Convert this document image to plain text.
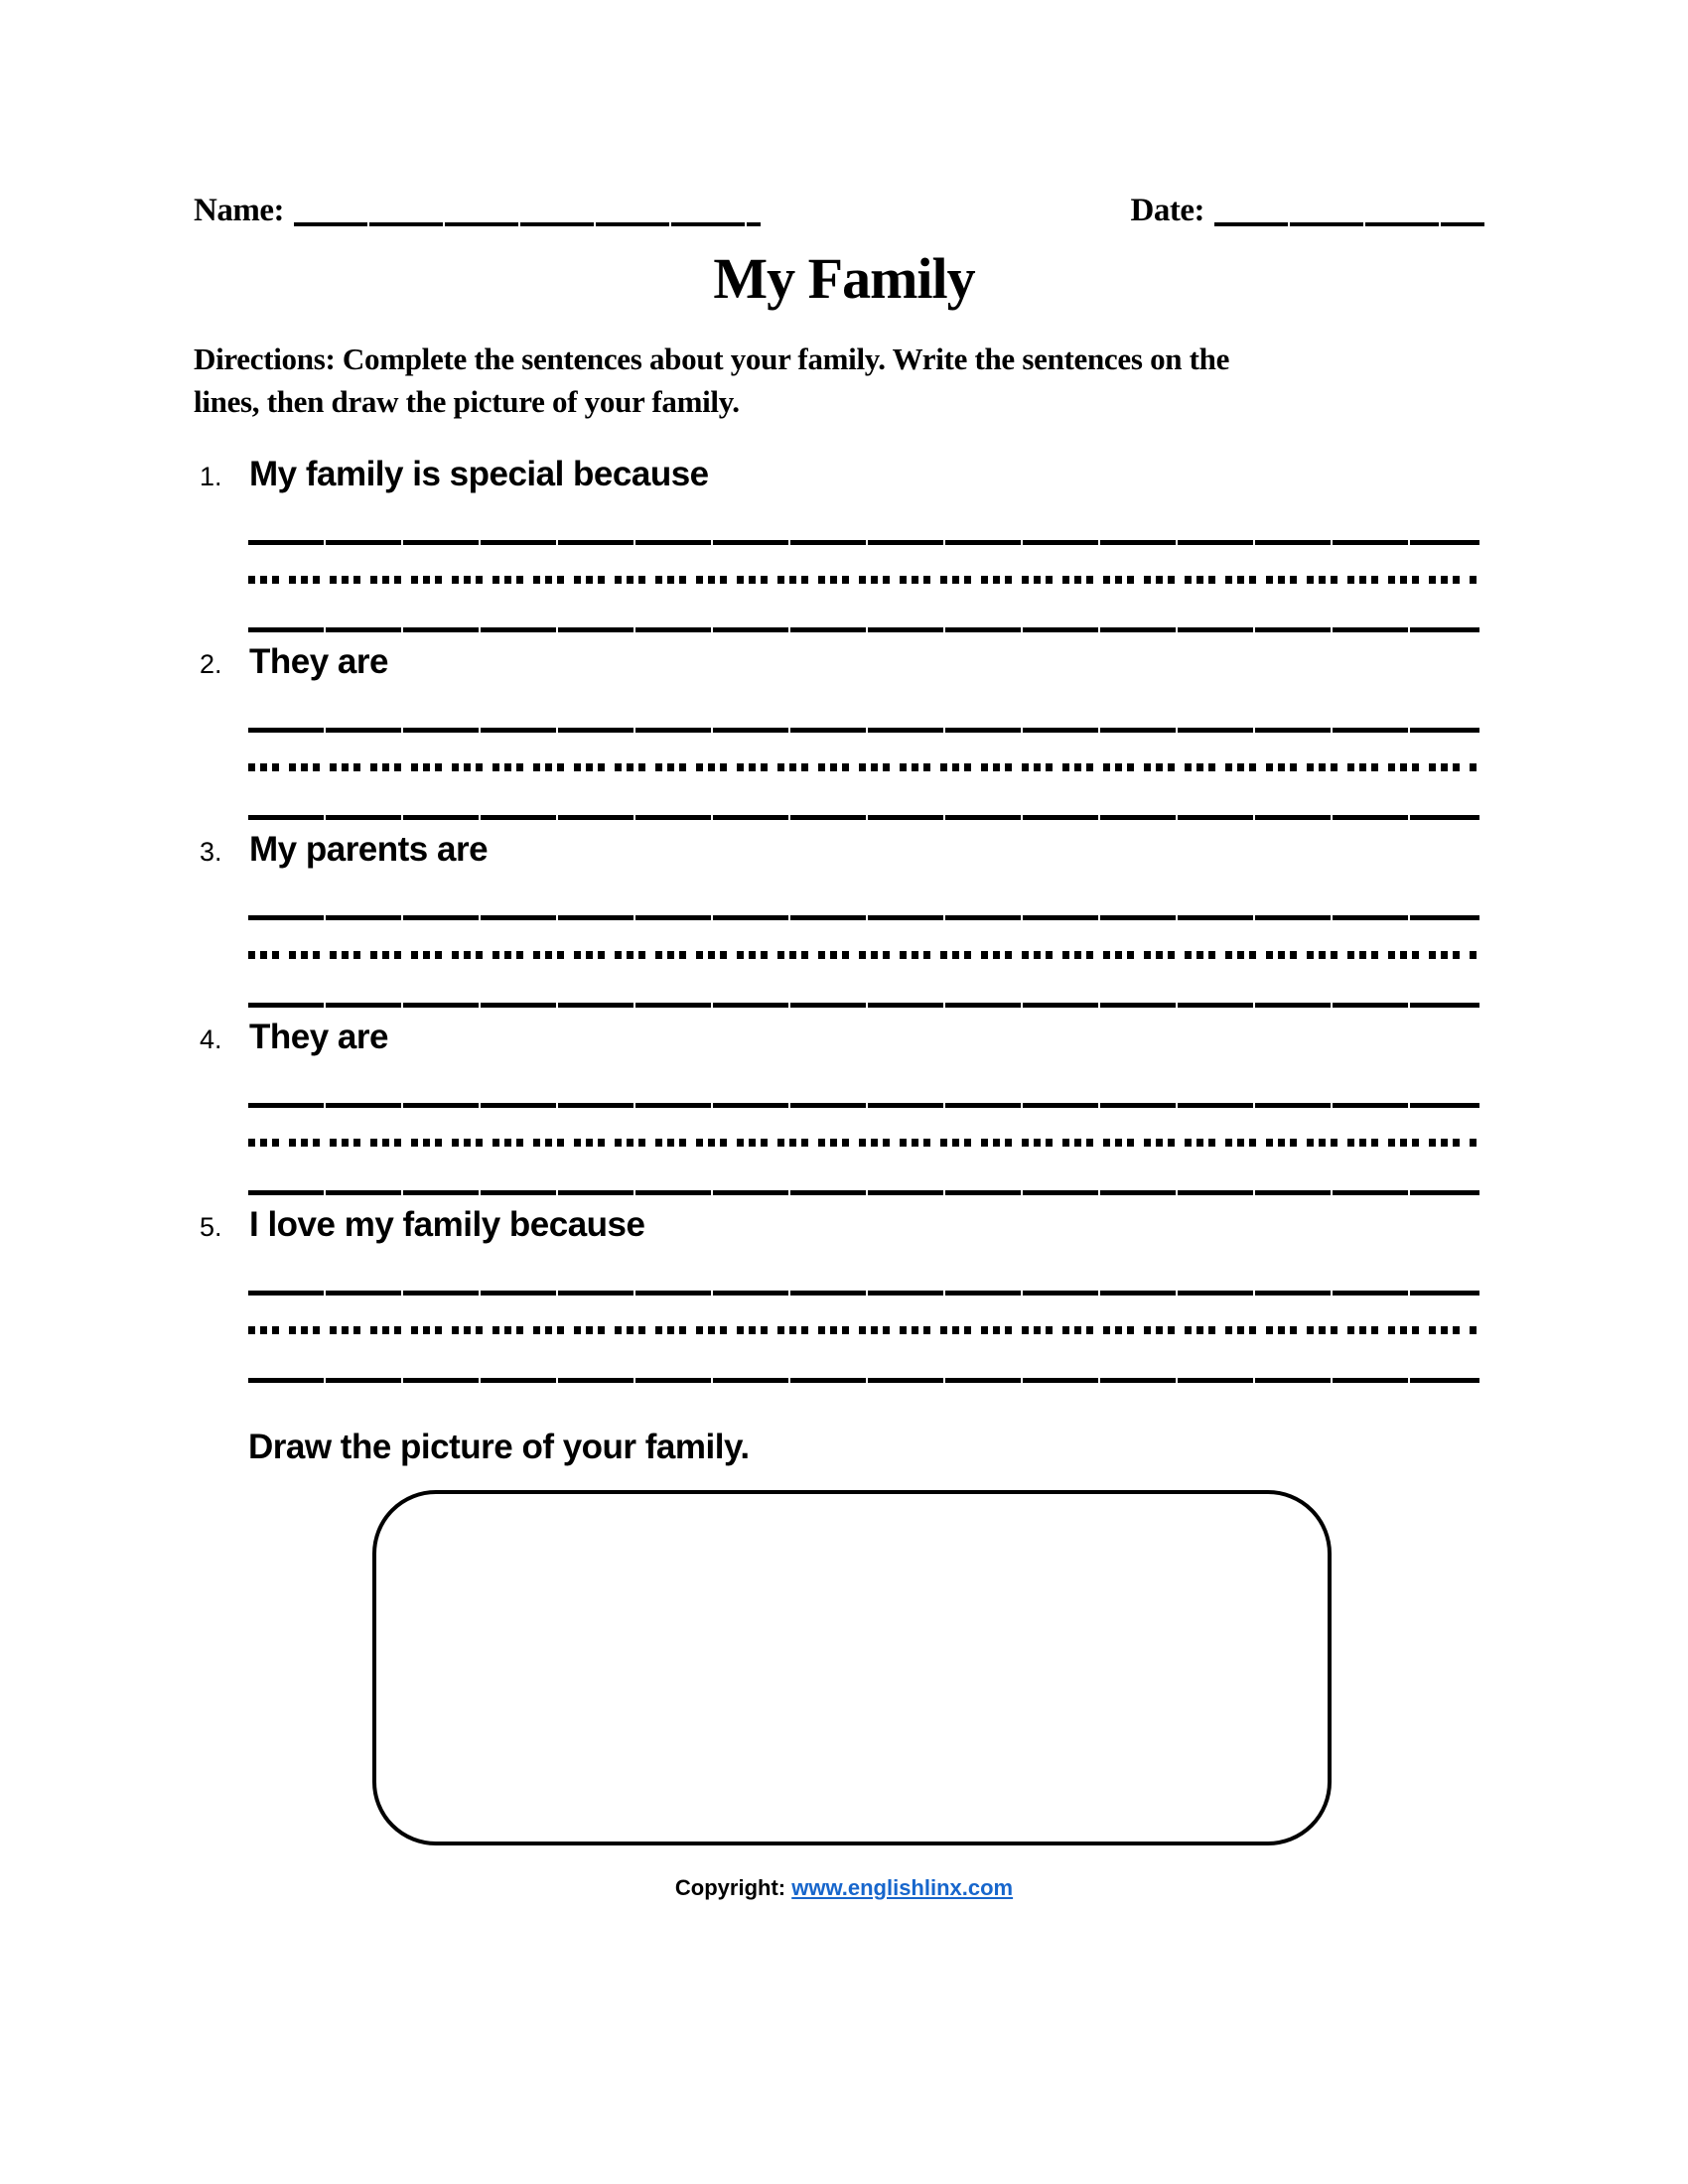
Name:	Date:
My Family
Directions: Complete the sentences about your family. Write the sentences on the
lines, then draw the picture of your family.
1. My family is special because
2. They are
3. My parents are
4. They are
5. I love my family because
Draw the picture of your family.
Copyright: www.englishlinx.com
